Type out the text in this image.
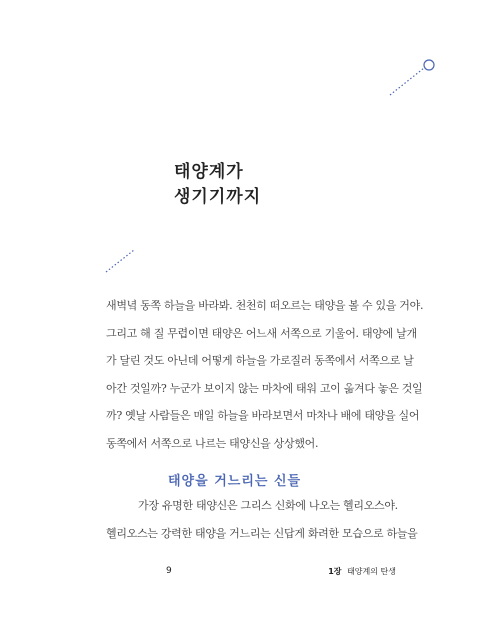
태양계가
생기기까지
새벽녘 동쪽 하늘을 바라봐. 천천히 떠오르는 태양을 볼 수 있을 거야.
그리고 해 질 무렵이면 태양은 어느새 서쪽으로 기울어. 태양에 날개
가 달린 것도 아닌데 어떻게 하늘을 가로질러 동쪽에서 서쪽으로 날
아간 것일까? 누군가 보이지 않는 마차에 태워 고이 옮겨다 놓은 것일
까? 옛날 사람들은 매일 하늘을 바라보면서 마차나 배에 태양을 실어
동쪽에서 서쪽으로 나르는 태양신을 상상했어.
태양을 거느리는 신들
가장 유명한 태양신은 그리스 신화에 나오는 헬리오스야.
헬리오스는 강력한 태양을 거느리는 신답게 화려한 모습으로 하늘을
9	1장 태양계의 탄생
